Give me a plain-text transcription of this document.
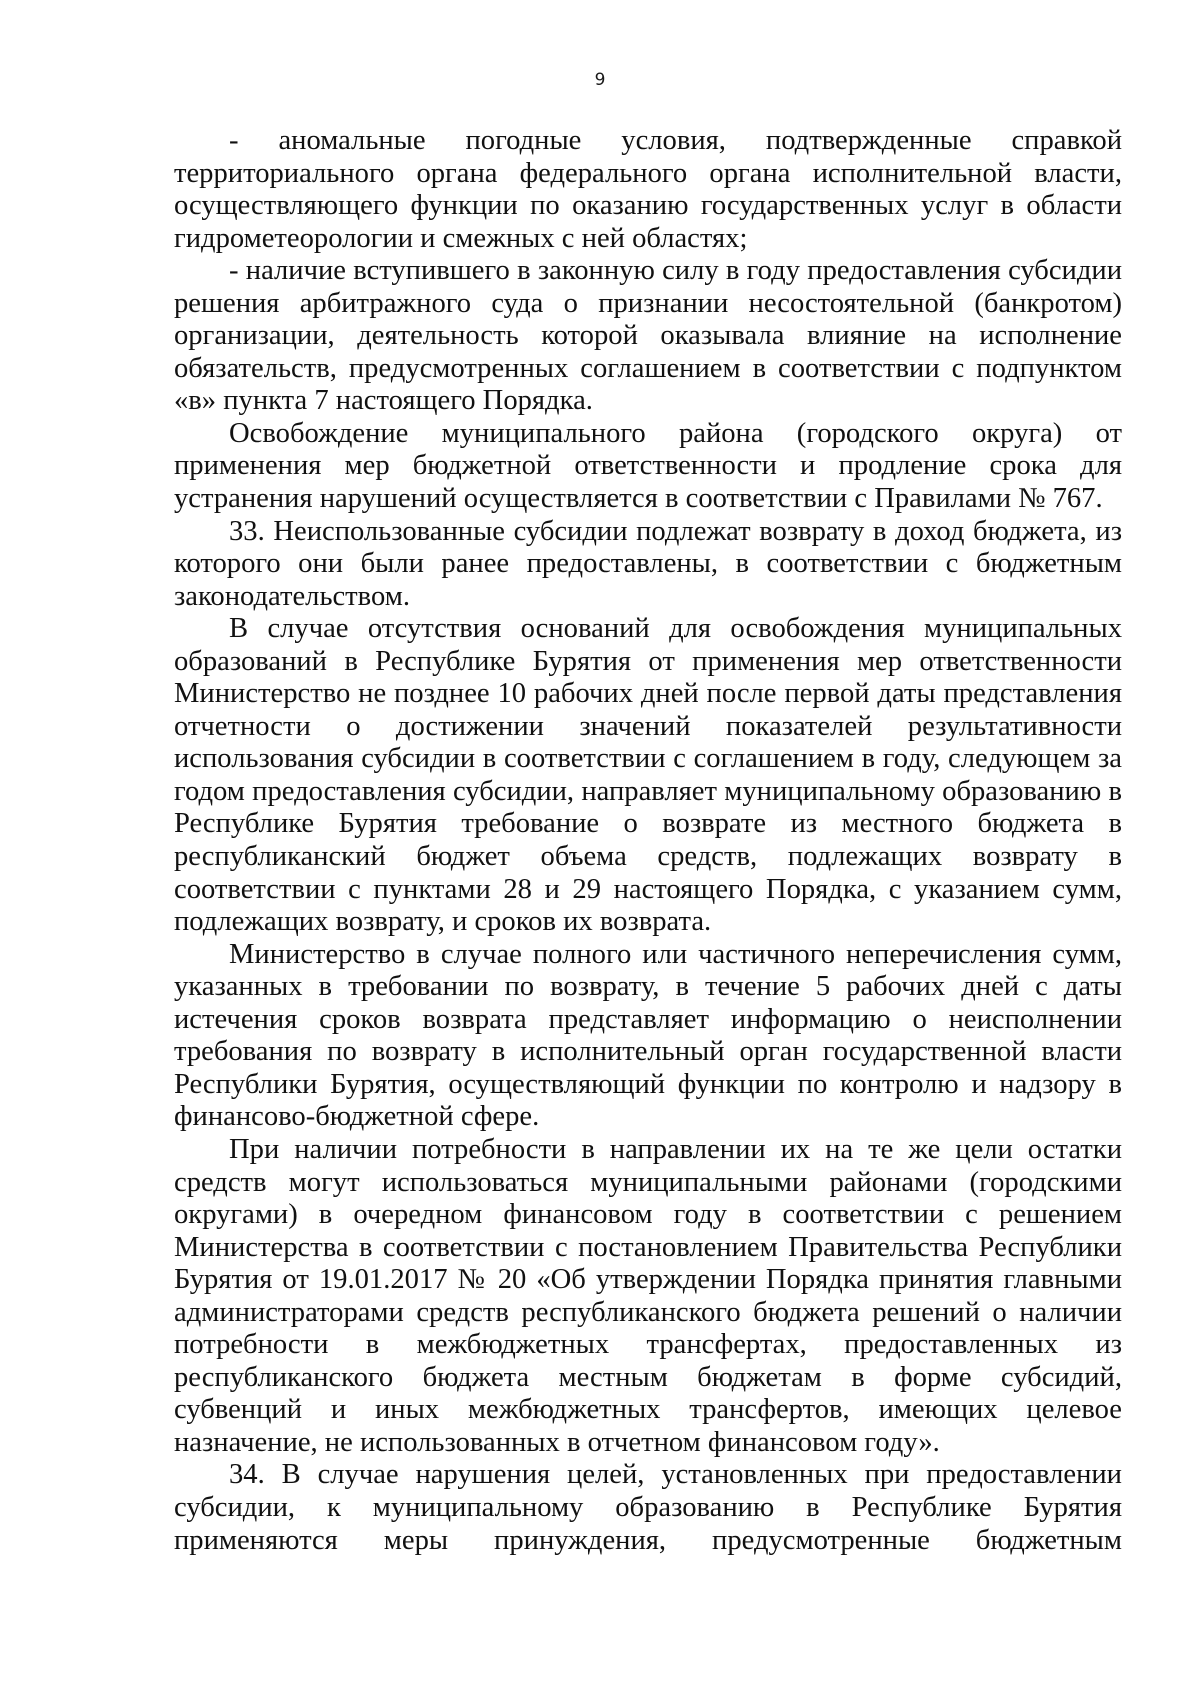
9
- аномальные погодные условия, подтвержденные справкой
территориального органа федерального органа исполнительной власти,
осуществляющего функции по оказанию государственных услуг в области
гидрометеорологии и смежных с ней областях;
- наличие вступившего в законную силу в году предоставления субсидии
решения арбитражного суда о признании несостоятельной (банкротом)
организации, деятельность которой оказывала влияние на исполнение
обязательств, предусмотренных соглашением в соответствии с подпунктом
«в» пункта 7 настоящего Порядка.
Освобождение муниципального района (городского округа) от
применения мер бюджетной ответственности и продление срока для
устранения нарушений осуществляется в соответствии с Правилами № 767.
33. Неиспользованные субсидии подлежат возврату в доход бюджета, из
которого они были ранее предоставлены, в соответствии с бюджетным
законодательством.
В случае отсутствия оснований для освобождения муниципальных
образований в Республике Бурятия от применения мер ответственности
Министерство не позднее 10 рабочих дней после первой даты представления
отчетности о достижении значений показателей результативности
использования субсидии в соответствии с соглашением в году, следующем за
годом предоставления субсидии, направляет муниципальному образованию в
Республике Бурятия требование о возврате из местного бюджета в
республиканский бюджет объема средств, подлежащих возврату в
соответствии с пунктами 28 и 29 настоящего Порядка, с указанием сумм,
подлежащих возврату, и сроков их возврата.
Министерство в случае полного или частичного неперечисления сумм,
указанных в требовании по возврату, в течение 5 рабочих дней с даты
истечения сроков возврата представляет информацию о неисполнении
требования по возврату в исполнительный орган государственной власти
Республики Бурятия, осуществляющий функции по контролю и надзору в
финансово-бюджетной сфере.
При наличии потребности в направлении их на те же цели остатки
средств могут использоваться муниципальными районами (городскими
округами) в очередном финансовом году в соответствии с решением
Министерства в соответствии с постановлением Правительства Республики
Бурятия от 19.01.2017 № 20 «Об утверждении Порядка принятия главными
администраторами средств республиканского бюджета решений о наличии
потребности в межбюджетных трансфертах, предоставленных из
республиканского бюджета местным бюджетам в форме субсидий,
субвенций и иных межбюджетных трансфертов, имеющих целевое
назначение, не использованных в отчетном финансовом году».
34. В случае нарушения целей, установленных при предоставлении
субсидии, к муниципальному образованию в Республике Бурятия
применяются меры принуждения, предусмотренные бюджетным
